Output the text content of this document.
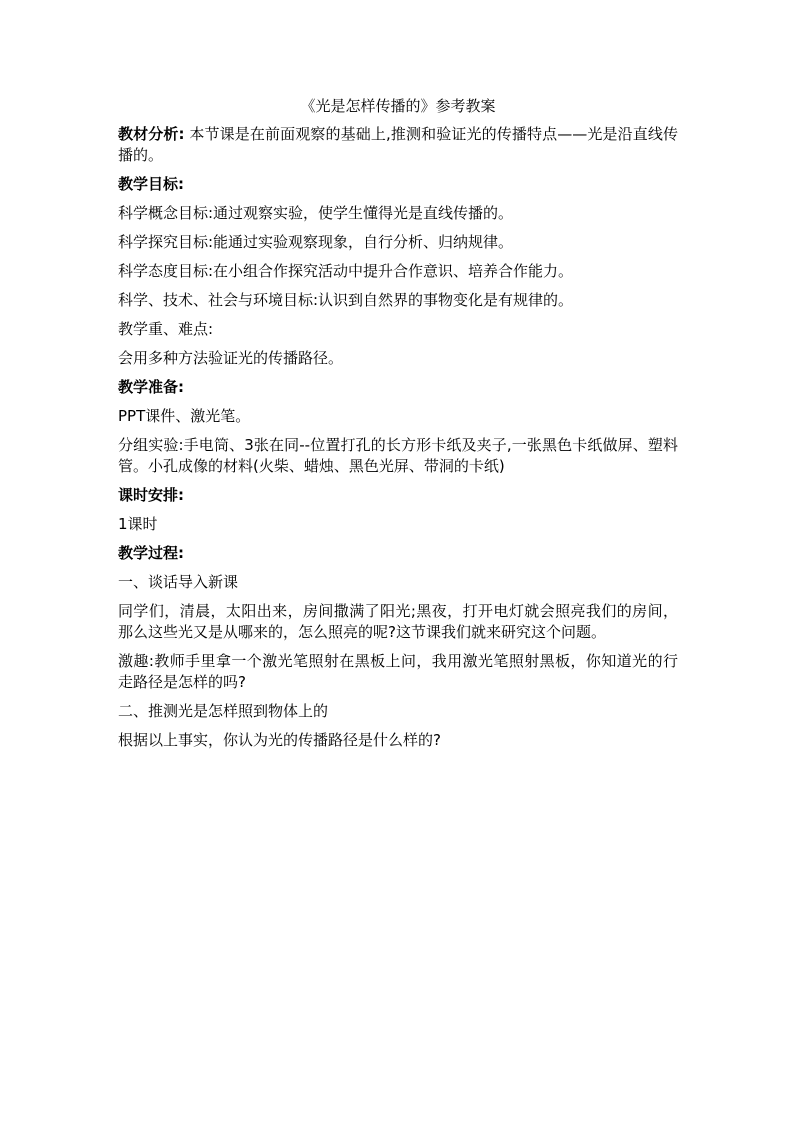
《光是怎样传播的》参考教案
教材分析: 本节课是在前面观察的基础上,推测和验证光的传播特点——光是沿直线传播的。
教学目标:
科学概念目标:通过观察实验，使学生懂得光是直线传播的。
科学探究目标:能通过实验观察现象，自行分析、归纳规律。
科学态度目标:在小组合作探究活动中提升合作意识、培养合作能力。
科学、技术、社会与环境目标:认识到自然界的事物变化是有规律的。
教学重、难点:
会用多种方法验证光的传播路径。
教学准备:
PPT课件、激光笔。
分组实验:手电筒、3张在同--位置打孔的长方形卡纸及夹子,一张黑色卡纸做屏、塑料管。小孔成像的材料(火柴、蜡烛、黑色光屏、带洞的卡纸)
课时安排:
1课时
教学过程:
一、谈话导入新课
同学们，清晨，太阳出来，房间撒满了阳光;黑夜，打开电灯就会照亮我们的房间，那么这些光又是从哪来的，怎么照亮的呢?这节课我们就来研究这个问题。
激趣:教师手里拿一个激光笔照射在黑板上问，我用激光笔照射黑板，你知道光的行走路径是怎样的吗?
二、推测光是怎样照到物体上的
根据以上事实，你认为光的传播路径是什么样的?
